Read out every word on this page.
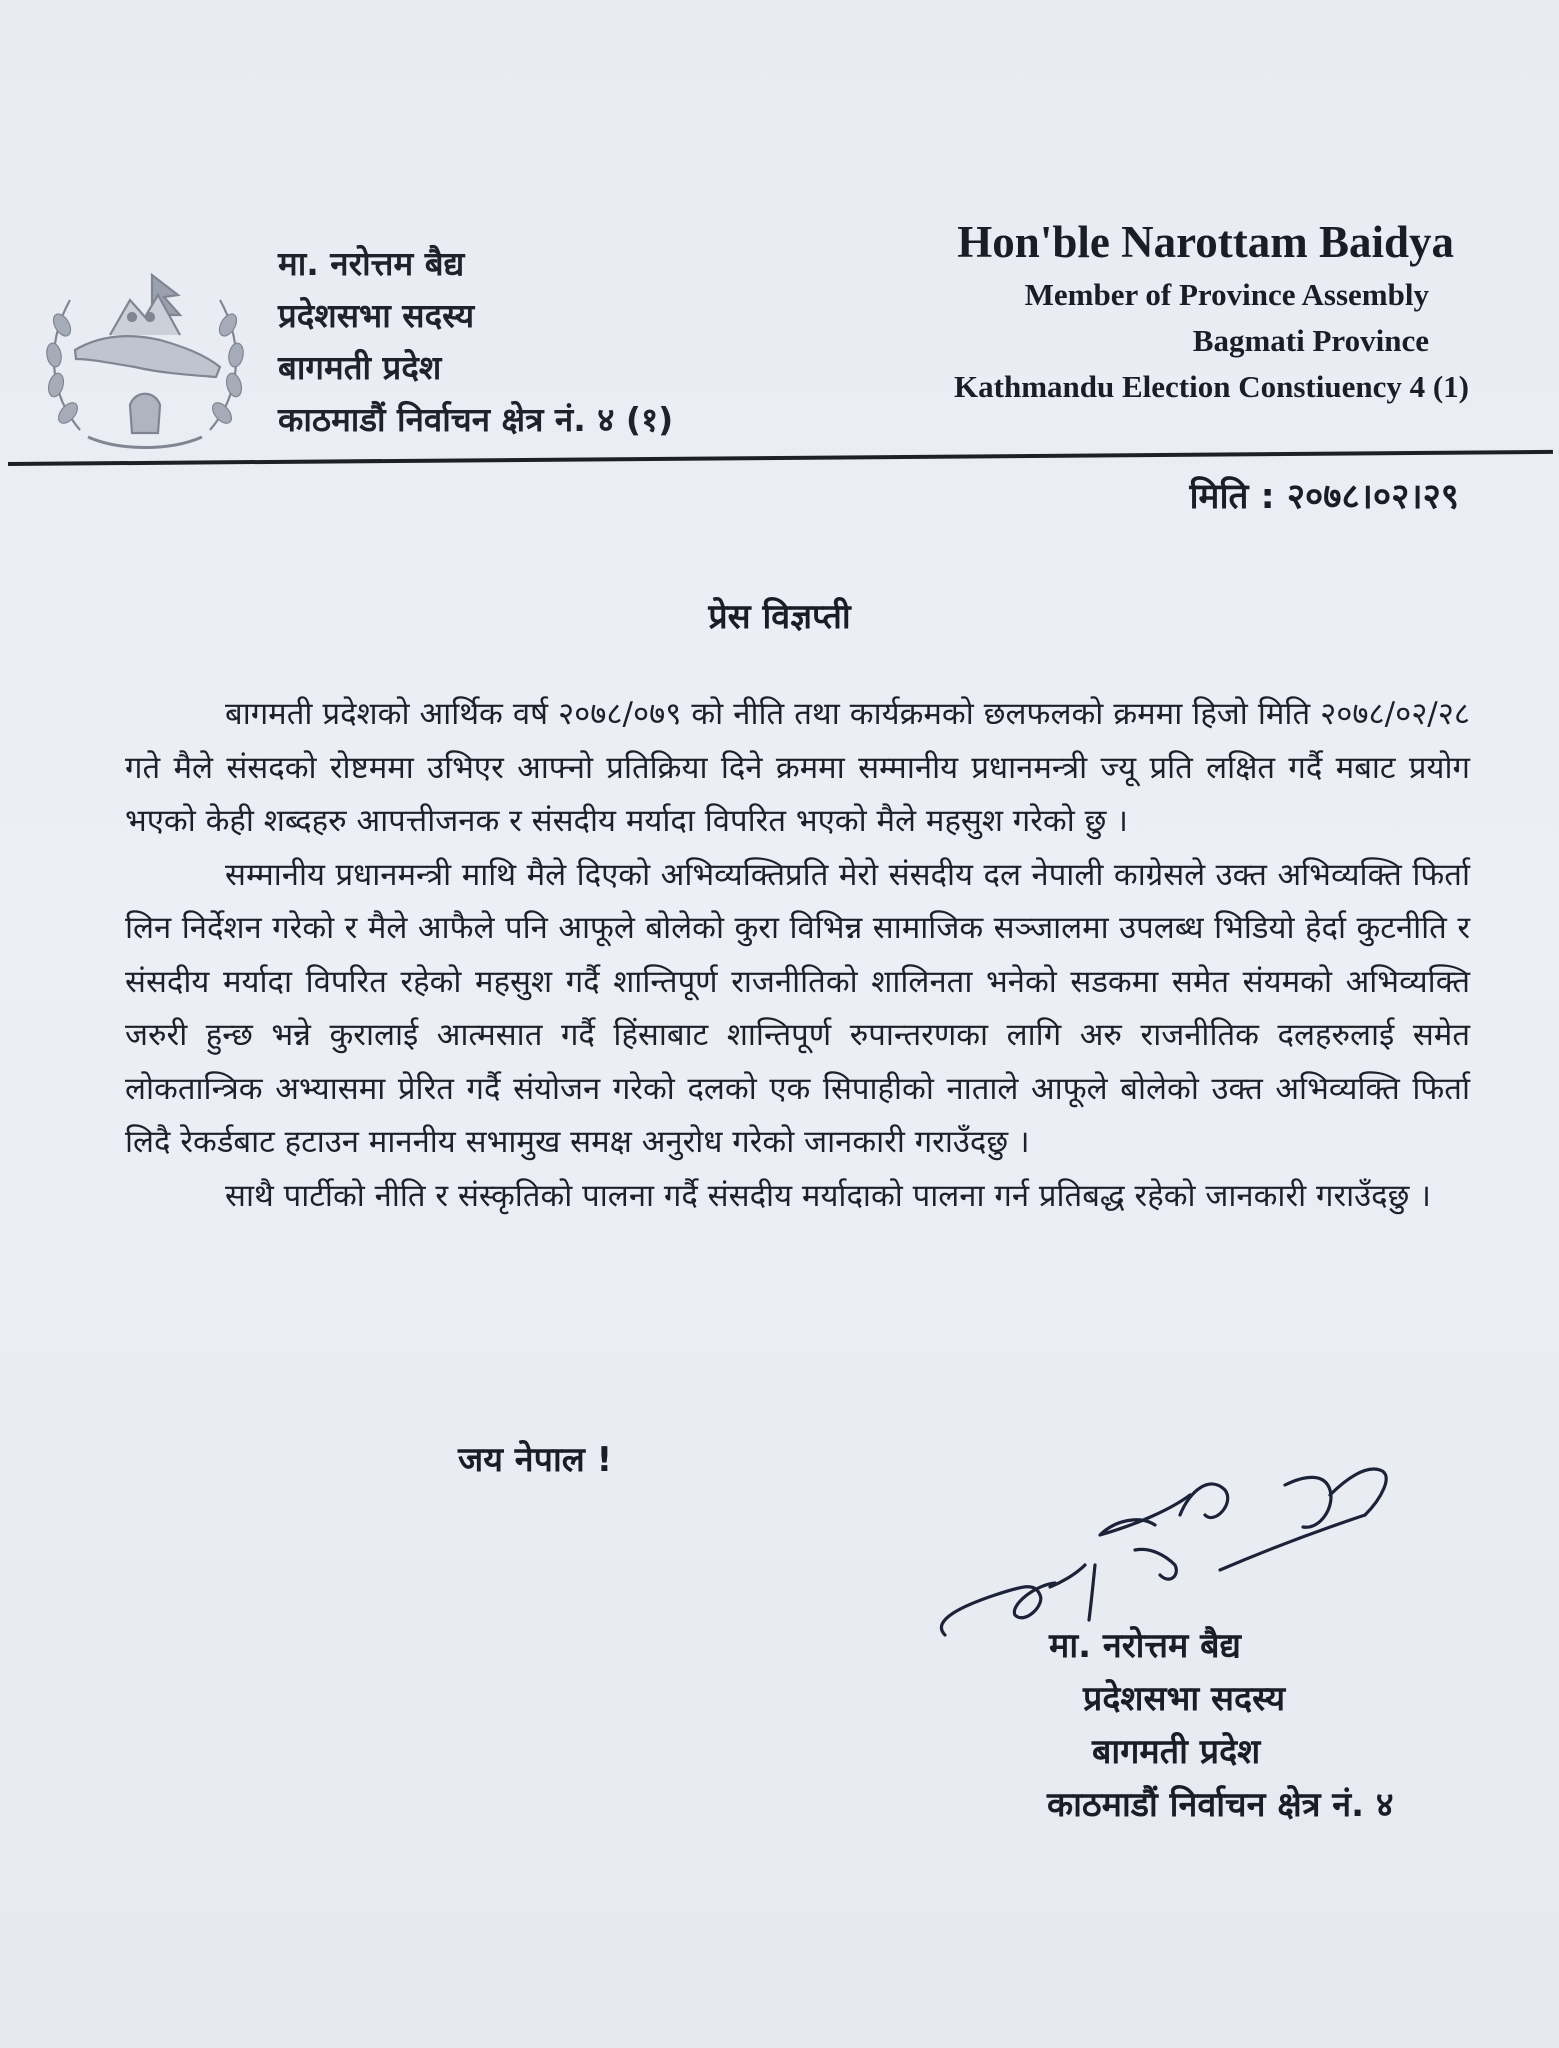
मा. नरोत्तम बैद्य
प्रदेशसभा सदस्य
बागमती प्रदेश
काठमाडौं निर्वाचन क्षेत्र नं. ४ (१)
Hon'ble Narottam Baidya
Member of Province Assembly
Bagmati Province
Kathmandu Election Constiuency 4 (1)
मिति : २०७८।०२।२९
प्रेस विज्ञप्ती

बागमती प्रदेशको आर्थिक वर्ष २०७८/०७९ को नीति तथा कार्यक्रमको छलफलको क्रममा हिजो मिति २०७८/०२/२८ गते मैले संसदको रोष्टममा उभिएर आफ्नो प्रतिक्रिया दिने क्रममा सम्मानीय प्रधानमन्त्री ज्यू प्रति लक्षित गर्दै मबाट प्रयोग भएको केही शब्दहरु आपत्तीजनक र संसदीय मर्यादा विपरित भएको मैले महसुश गरेको छु ।

सम्मानीय प्रधानमन्त्री माथि मैले दिएको अभिव्यक्तिप्रति मेरो संसदीय दल नेपाली काग्रेसले उक्त अभिव्यक्ति फिर्ता लिन निर्देशन गरेको र मैले आफैले पनि आफूले बोलेको कुरा विभिन्न सामाजिक सञ्जालमा उपलब्ध भिडियो हेर्दा कुटनीति र संसदीय मर्यादा विपरित रहेको महसुश गर्दै शान्तिपूर्ण राजनीतिको शालिनता भनेको सडकमा समेत संयमको अभिव्यक्ति जरुरी हुन्छ भन्ने कुरालाई आत्मसात गर्दै हिंसाबाट शान्तिपूर्ण रुपान्तरणका लागि अरु राजनीतिक दलहरुलाई समेत लोकतान्त्रिक अभ्यासमा प्रेरित गर्दै संयोजन गरेको दलको एक सिपाहीको नाताले आफूले बोलेको उक्त अभिव्यक्ति फिर्ता लिदै रेकर्डबाट हटाउन माननीय सभामुख समक्ष अनुरोध गरेको जानकारी गराउँदछु ।

साथै पार्टीको नीति र संस्कृतिको पालना गर्दै संसदीय मर्यादाको पालना गर्न प्रतिबद्ध रहेको जानकारी गराउँदछु ।

जय नेपाल !
मा. नरोत्तम बैद्य
प्रदेशसभा सदस्य
बागमती प्रदेश
काठमाडौं निर्वाचन क्षेत्र नं. ४
